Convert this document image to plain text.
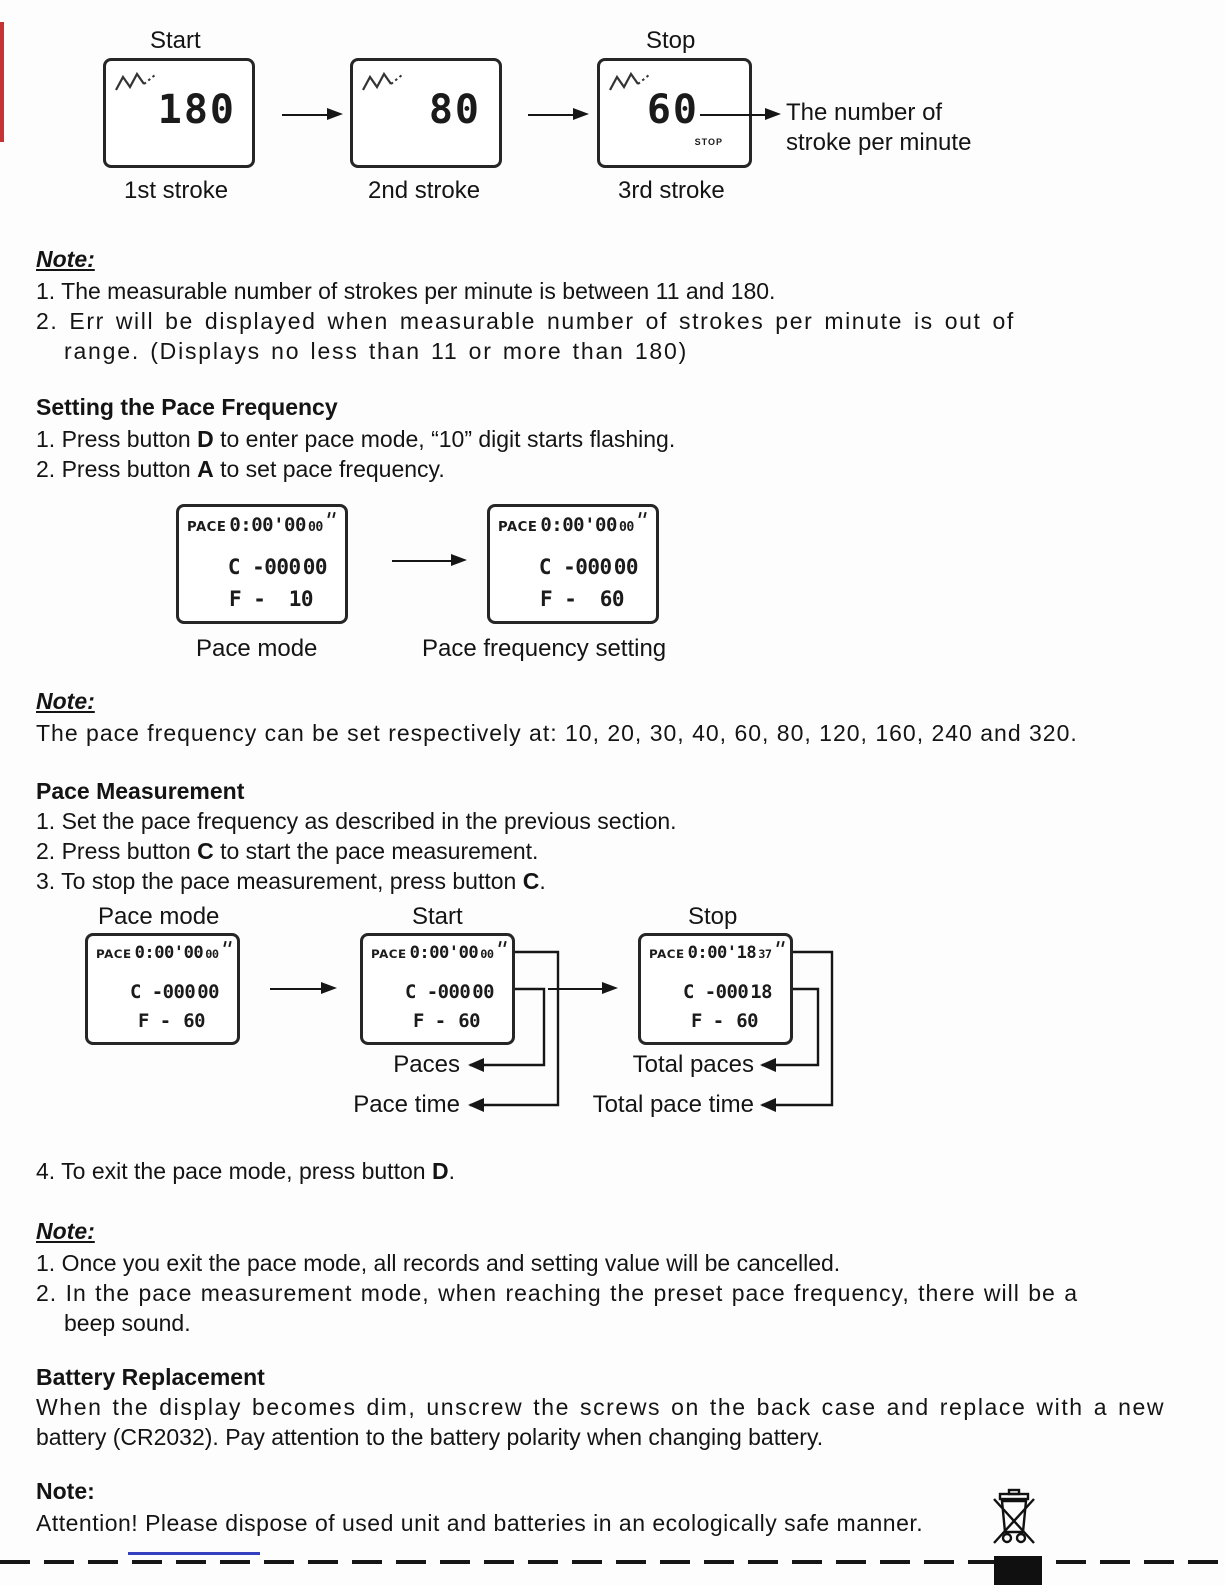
Start	Stop
180	80	60
STOP
The number of
stroke per minute
1st stroke	2nd stroke	3rd stroke
Note:
1. The measurable number of strokes per minute is between 11 and 180.
2. Err will be displayed when measurable number of strokes per minute is out of
range. (Displays no less than 11 or more than 180)
Setting the Pace Frequency
1. Press button D to enter pace mode, “10” digit starts flashing.
2. Press button A to set pace frequency.
PACE 0:00'00 00
C -000 00
F - 10
PACE 0:00'00 00
C -000 00
F - 60
Pace mode	Pace frequency setting
Note:
The pace frequency can be set respectively at: 10, 20, 30, 40, 60, 80, 120, 160, 240 and 320.
Pace Measurement
1. Set the pace frequency as described in the previous section.
2. Press button C to start the pace measurement.
3. To stop the pace measurement, press button C.
Pace mode	Start	Stop
PACE 0:00'00 00
C -000 00
F - 60
PACE 0:00'00 00
C -000 00
F - 60
PACE 0:00'18 37
C -000 18
F - 60
Paces	Total paces
Pace time	Total pace time
4. To exit the pace mode, press button D.
Note:
1. Once you exit the pace mode, all records and setting value will be cancelled.
2. In the pace measurement mode, when reaching the preset pace frequency, there will be a
beep sound.
Battery Replacement
When the display becomes dim, unscrew the screws on the back case and replace with a new
battery (CR2032). Pay attention to the battery polarity when changing battery.
Note:
Attention! Please dispose of used unit and batteries in an ecologically safe manner.
